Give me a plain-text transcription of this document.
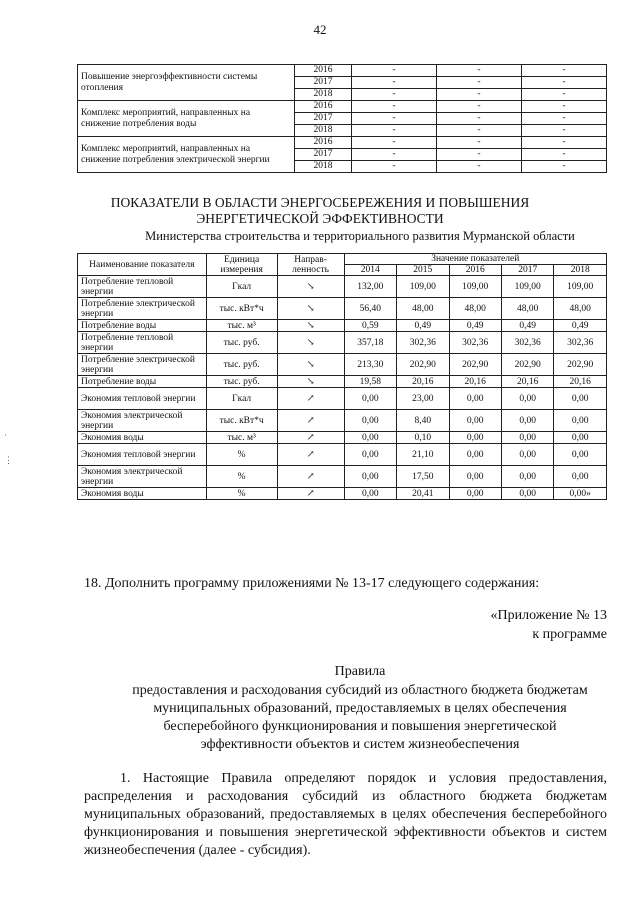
42
Повышение энергоэффективности системы отопления	2016	-	-	-
	2017	-	-	-
	2018	-	-	-
Комплекс мероприятий, направленных на снижение потребления воды	2016	-	-	-
	2017	-	-	-
	2018	-	-	-
Комплекс мероприятий, направленных на снижение потребления электрической энергии	2016	-	-	-
	2017	-	-	-
	2018	-	-	-
ПОКАЗАТЕЛИ В ОБЛАСТИ ЭНЕРГОСБЕРЕЖЕНИЯ И ПОВЫШЕНИЯ
ЭНЕРГЕТИЧЕСКОЙ ЭФФЕКТИВНОСТИ
Министерства строительства и территориального развития Мурманской области
Наименование показателя	Единица измерения	Направ-ленность	Значение показателей				
			2014	2015	2016	2017	2018
Потребление тепловой энергии	Гкал	↘	132,00	109,00	109,00	109,00	109,00
Потребление электрической энергии	тыс. кВт*ч	↘	56,40	48,00	48,00	48,00	48,00
Потребление воды	тыс. м³	↘	0,59	0,49	0,49	0,49	0,49
Потребление тепловой энергии	тыс. руб.	↘	357,18	302,36	302,36	302,36	302,36
Потребление электрической энергии	тыс. руб.	↘	213,30	202,90	202,90	202,90	202,90
Потребление воды	тыс. руб.	↘	19,58	20,16	20,16	20,16	20,16
Экономия тепловой энергии	Гкал	↗	0,00	23,00	0,00	0,00	0,00
Экономия электрической энергии	тыс. кВт*ч	↗	0,00	8,40	0,00	0,00	0,00
Экономия воды	тыс. м³	↗	0,00	0,10	0,00	0,00	0,00
Экономия тепловой энергии	%	↗	0,00	21,10	0,00	0,00	0,00
Экономия электрической энергии	%	↗	0,00	17,50	0,00	0,00	0,00
Экономия воды	%	↗	0,00	20,41	0,00	0,00	0,00»
18. Дополнить программу приложениями № 13-17 следующего содержания:
«Приложение № 13
к программе
Правила
предоставления и расходования субсидий из областного бюджета бюджетам
муниципальных образований, предоставляемых в целях обеспечения
бесперебойного функционирования и повышения энергетической
эффективности объектов и систем жизнеобеспечения
1. Настоящие Правила определяют порядок и условия предоставления, распределения и расходования субсидий из областного бюджета бюджетам муниципальных образований, предоставляемых в целях обеспечения бесперебойного функционирования и повышения энергетической эффективности объектов и систем жизнеобеспечения (далее - субсидия).
·
⋮
